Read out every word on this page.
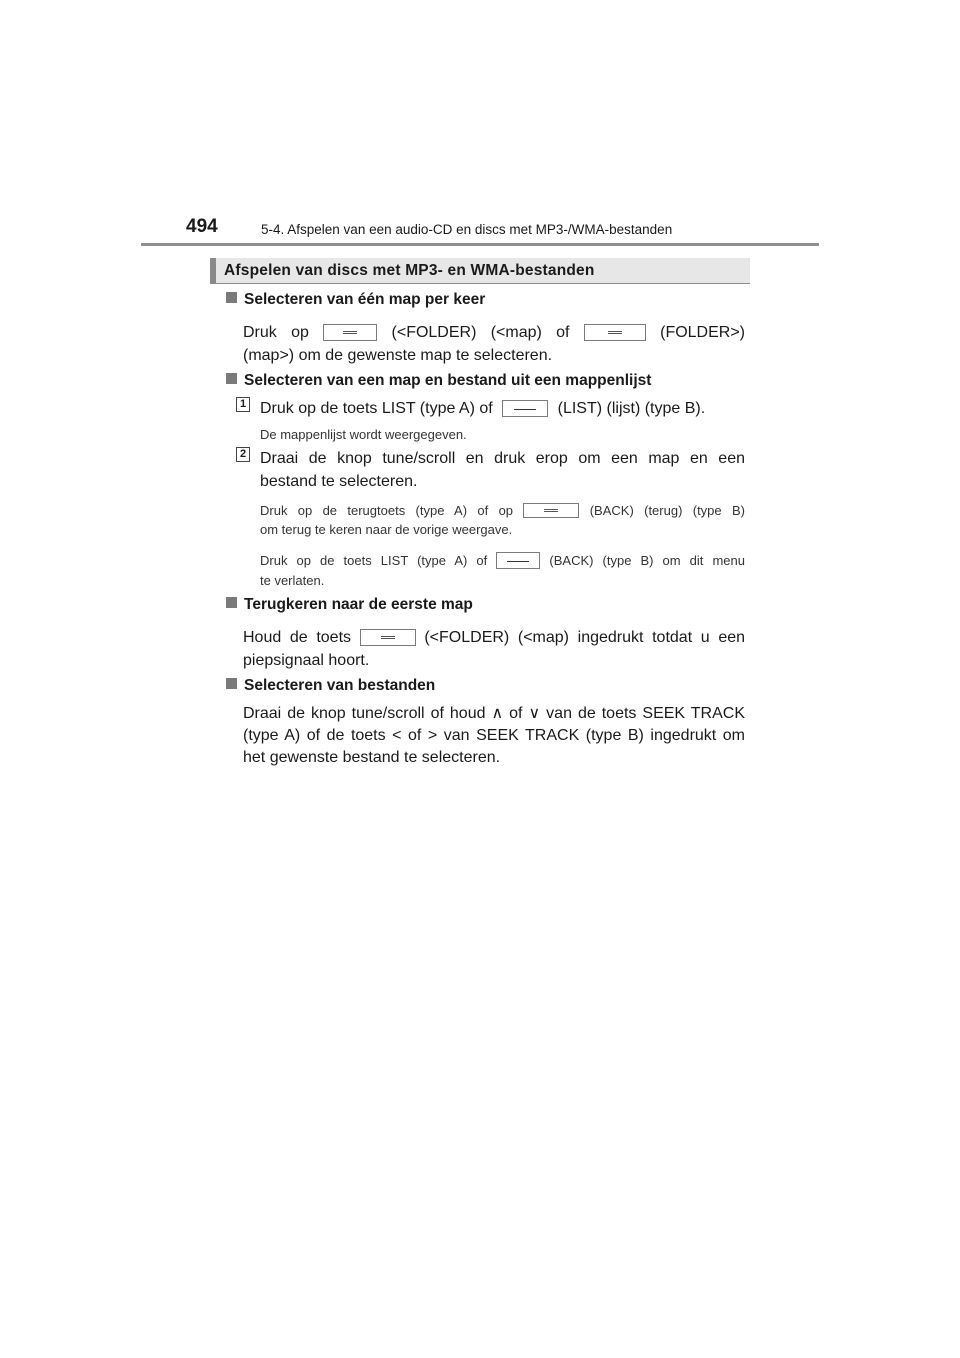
494	5-4. Afspelen van een audio-CD en discs met MP3-/WMA-bestanden
Afspelen van discs met MP3- en WMA-bestanden
Selecteren van één map per keer
Druk op	(<FOLDER) (<map) of	(FOLDER>)
(map>) om de gewenste map te selecteren.
Selecteren van een map en bestand uit een mappenlijst
1 Druk op de toets LIST (type A) of	(LIST) (lijst) (type B).
De mappenlijst wordt weergegeven.
2 Draai de knop tune/scroll en druk erop om een map en een
bestand te selecteren.
Druk op de terugtoets (type A) of op	(BACK) (terug) (type B)
om terug te keren naar de vorige weergave.
Druk op de toets LIST (type A) of	(BACK) (type B) om dit menu
te verlaten.
Terugkeren naar de eerste map
Houd de toets	(<FOLDER) (<map) ingedrukt totdat u een
piepsignaal hoort.
Selecteren van bestanden
Draai de knop tune/scroll of houd ∧ of ∨ van de toets SEEK TRACK
(type A) of de toets < of > van SEEK TRACK (type B) ingedrukt om
het gewenste bestand te selecteren.
